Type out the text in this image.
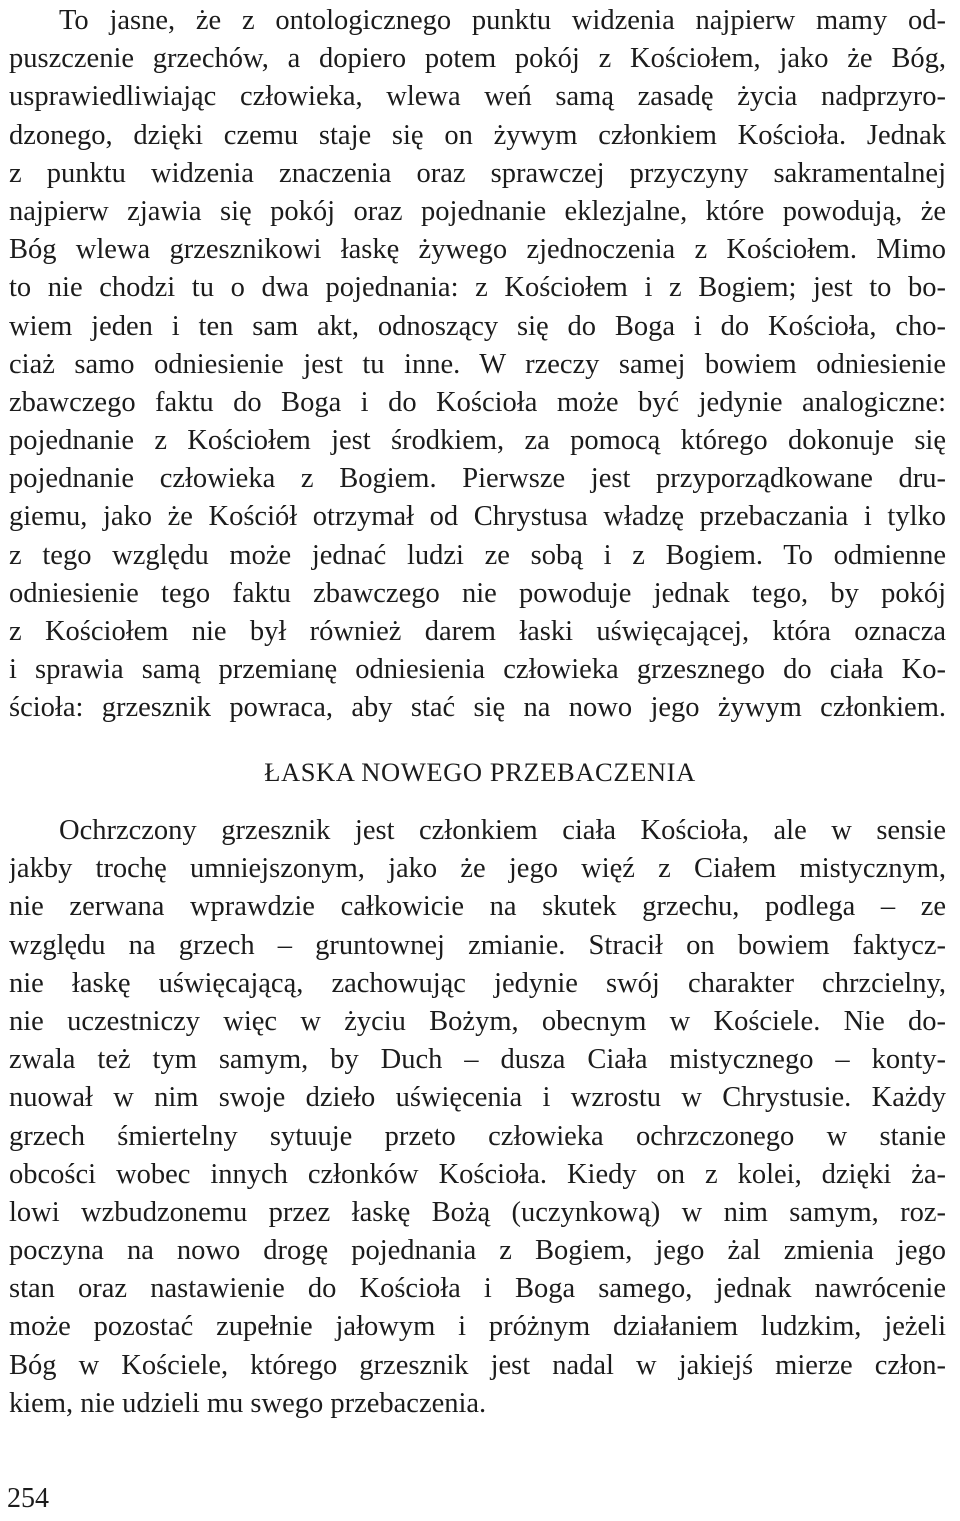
To jasne, że z ontologicznego punktu widzenia najpierw mamy od-
puszczenie grzechów, a dopiero potem pokój z Kościołem, jako że Bóg,
usprawiedliwiając człowieka, wlewa weń samą zasadę życia nadprzyro-
dzonego, dzięki czemu staje się on żywym członkiem Kościoła. Jednak
z punktu widzenia znaczenia oraz sprawczej przyczyny sakramentalnej
najpierw zjawia się pokój oraz pojednanie eklezjalne, które powodują, że
Bóg wlewa grzesznikowi łaskę żywego zjednoczenia z Kościołem. Mimo
to nie chodzi tu o dwa pojednania: z Kościołem i z Bogiem; jest to bo-
wiem jeden i ten sam akt, odnoszący się do Boga i do Kościoła, cho-
ciaż samo odniesienie jest tu inne. W rzeczy samej bowiem odniesienie
zbawczego faktu do Boga i do Kościoła może być jedynie analogiczne:
pojednanie z Kościołem jest środkiem, za pomocą którego dokonuje się
pojednanie człowieka z Bogiem. Pierwsze jest przyporządkowane dru-
giemu, jako że Kościół otrzymał od Chrystusa władzę przebaczania i tylko
z tego względu może jednać ludzi ze sobą i z Bogiem. To odmienne
odniesienie tego faktu zbawczego nie powoduje jednak tego, by pokój
z Kościołem nie był również darem łaski uświęcającej, która oznacza
i sprawia samą przemianę odniesienia człowieka grzesznego do ciała Ko-
ścioła: grzesznik powraca, aby stać się na nowo jego żywym członkiem.
ŁASKA NOWEGO PRZEBACZENIA
Ochrzczony grzesznik jest członkiem ciała Kościoła, ale w sensie
jakby trochę umniejszonym, jako że jego więź z Ciałem mistycznym,
nie zerwana wprawdzie całkowicie na skutek grzechu, podlega – ze
względu na grzech – gruntownej zmianie. Stracił on bowiem faktycz-
nie łaskę uświęcającą, zachowując jedynie swój charakter chrzcielny,
nie uczestniczy więc w życiu Bożym, obecnym w Kościele. Nie do-
zwala też tym samym, by Duch – dusza Ciała mistycznego – konty-
nuował w nim swoje dzieło uświęcenia i wzrostu w Chrystusie. Każdy
grzech śmiertelny sytuuje przeto człowieka ochrzczonego w stanie
obcości wobec innych członków Kościoła. Kiedy on z kolei, dzięki ża-
lowi wzbudzonemu przez łaskę Bożą (uczynkową) w nim samym, roz-
poczyna na nowo drogę pojednania z Bogiem, jego żal zmienia jego
stan oraz nastawienie do Kościoła i Boga samego, jednak nawrócenie
może pozostać zupełnie jałowym i próżnym działaniem ludzkim, jeżeli
Bóg w Kościele, którego grzesznik jest nadal w jakiejś mierze człon-
kiem, nie udzieli mu swego przebaczenia.
254
